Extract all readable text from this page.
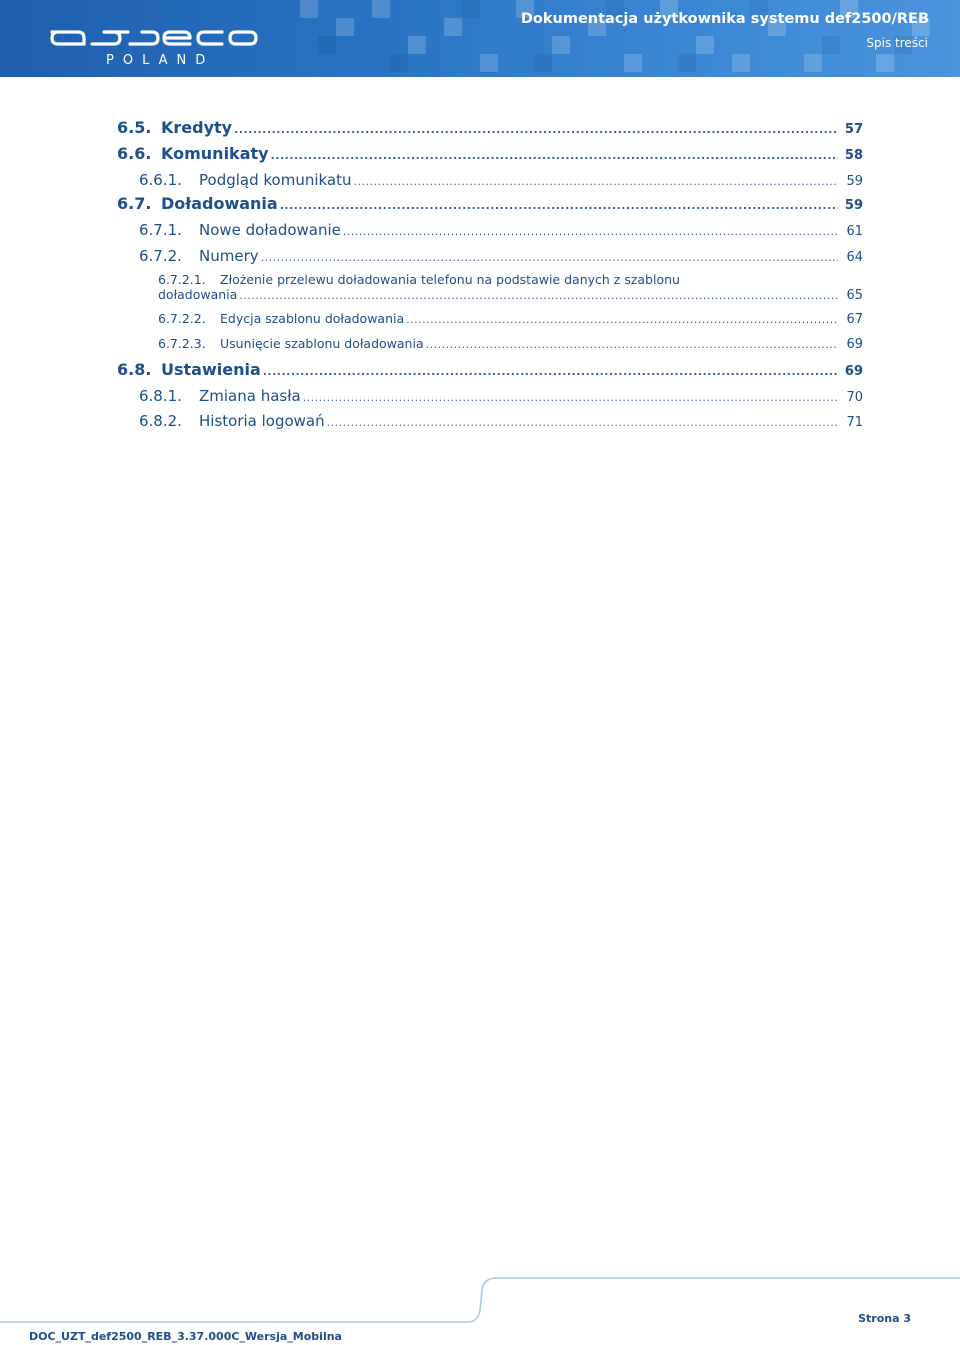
POLAND
Dokumentacja użytkownika systemu def2500/REB
Spis treści
6.5. Kredyty .....	57
6.6. Komunikaty .....	58
6.6.1.	Podgląd komunikatu .....	59
6.7. Doładowania .....	59
6.7.1.	Nowe doładowanie .....	61
6.7.2.	Numery .....	64
6.7.2.1. Złożenie przelewu doładowania telefonu na podstawie danych z szablonu
doładowania .....	65
6.7.2.2.	Edycja szablonu doładowania .....	67
6.7.2.3.	Usunięcie szablonu doładowania .....	69
6.8. Ustawienia .....	69
6.8.1.	Zmiana hasła .....	70
6.8.2.	Historia logowań .....	71
DOC_UZT_def2500_REB_3.37.000C_Wersja_Mobilna
Strona 3
